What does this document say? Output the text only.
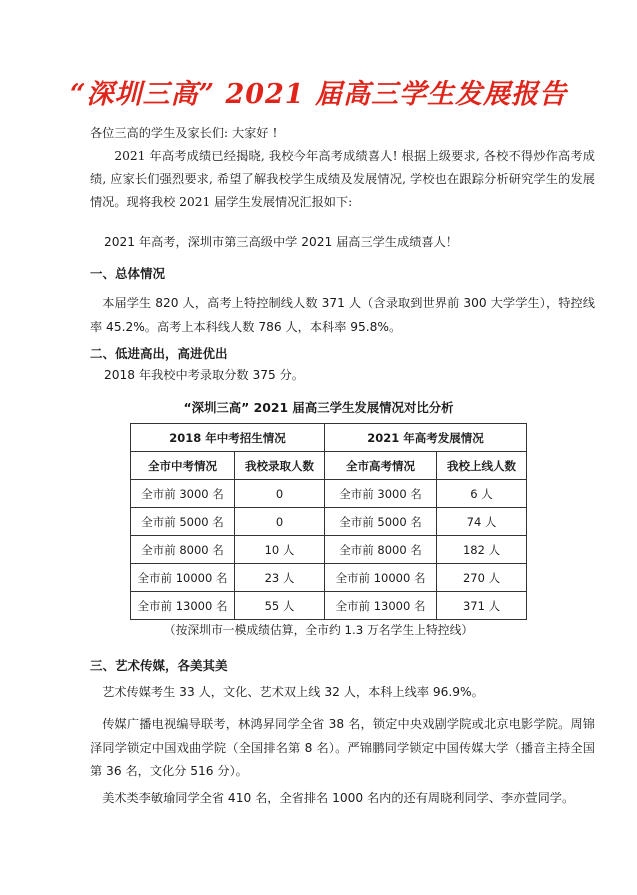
“深圳三高” 2021 届高三学生发展报告
各位三高的学生及家长们: 大家好 !
2021 年高考成绩已经揭晓, 我校今年高考成绩喜人! 根据上级要求, 各校不得炒作高考成绩, 应家长们强烈要求, 希望了解我校学生成绩及发展情况, 学校也在跟踪分析研究学生的发展情况。现将我校 2021 届学生发展情况汇报如下:
2021 年高考，深圳市第三高级中学 2021 届高三学生成绩喜人！
一、总体情况
本届学生 820 人，高考上特控制线人数 371 人（含录取到世界前 300 大学学生），特控线率 45.2%。高考上本科线人数 786 人，本科率 95.8%。
二、低进高出，高进优出
2018 年我校中考录取分数 375 分。
“深圳三高” 2021 届高三学生发展情况对比分析
2018 年中考招生情况		2021 年高考发展情况	
全市中考情况	我校录取人数	全市高考情况	我校上线人数
全市前 3000 名	0	全市前 3000 名	6 人
全市前 5000 名	0	全市前 5000 名	74 人
全市前 8000 名	10 人	全市前 8000 名	182 人
全市前 10000 名	23 人	全市前 10000 名	270 人
全市前 13000 名	55 人	全市前 13000 名	371 人
（按深圳市一模成绩估算，全市约 1.3 万名学生上特控线）
三、艺术传媒，各美其美
艺术传媒考生 33 人，文化、艺术双上线 32 人，本科上线率 96.9%。
传媒广播电视编导联考，林鸿昇同学全省 38 名，锁定中央戏剧学院或北京电影学院。周锦泽同学锁定中国戏曲学院（全国排名第 8 名）。严锦鹏同学锁定中国传媒大学（播音主持全国第 36 名，文化分 516 分）。
美术类李敏瑜同学全省 410 名，全省排名 1000 名内的还有周晓利同学、李亦萱同学。
